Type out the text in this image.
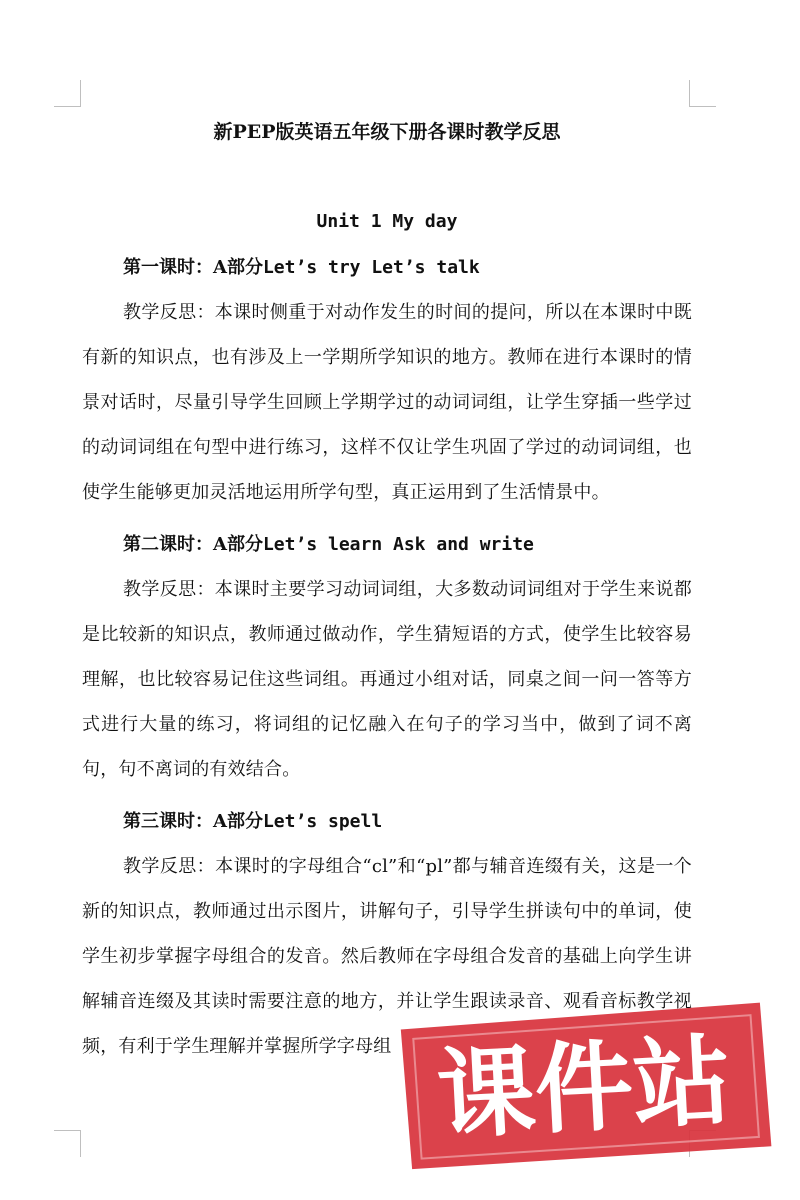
新PEP版英语五年级下册各课时教学反思
Unit 1 My day
第一课时：A部分Let’s try Let’s talk

教学反思：本课时侧重于对动作发生的时间的提问，所以在本课时中既有新的知识点，也有涉及上一学期所学知识的地方。教师在进行本课时的情景对话时，尽量引导学生回顾上学期学过的动词词组，让学生穿插一些学过的动词词组在句型中进行练习，这样不仅让学生巩固了学过的动词词组，也使学生能够更加灵活地运用所学句型，真正运用到了生活情景中。

第二课时：A部分Let’s learn Ask and write

教学反思：本课时主要学习动词词组，大多数动词词组对于学生来说都是比较新的知识点，教师通过做动作，学生猜短语的方式，使学生比较容易理解，也比较容易记住这些词组。再通过小组对话，同桌之间一问一答等方式进行大量的练习，将词组的记忆融入在句子的学习当中，做到了词不离句，句不离词的有效结合。

第三课时：A部分Let’s spell

教学反思：本课时的字母组合“cl”和“pl”都与辅音连缀有关，这是一个新的知识点，教师通过出示图片，讲解句子，引导学生拼读句中的单词，使学生初步掌握字母组合的发音。然后教师在字母组合发音的基础上向学生讲解辅音连缀及其读时需要注意的地方，并让学生跟读录音、观看音标教学视频，有利于学生理解并掌握所学字母组 课件站
